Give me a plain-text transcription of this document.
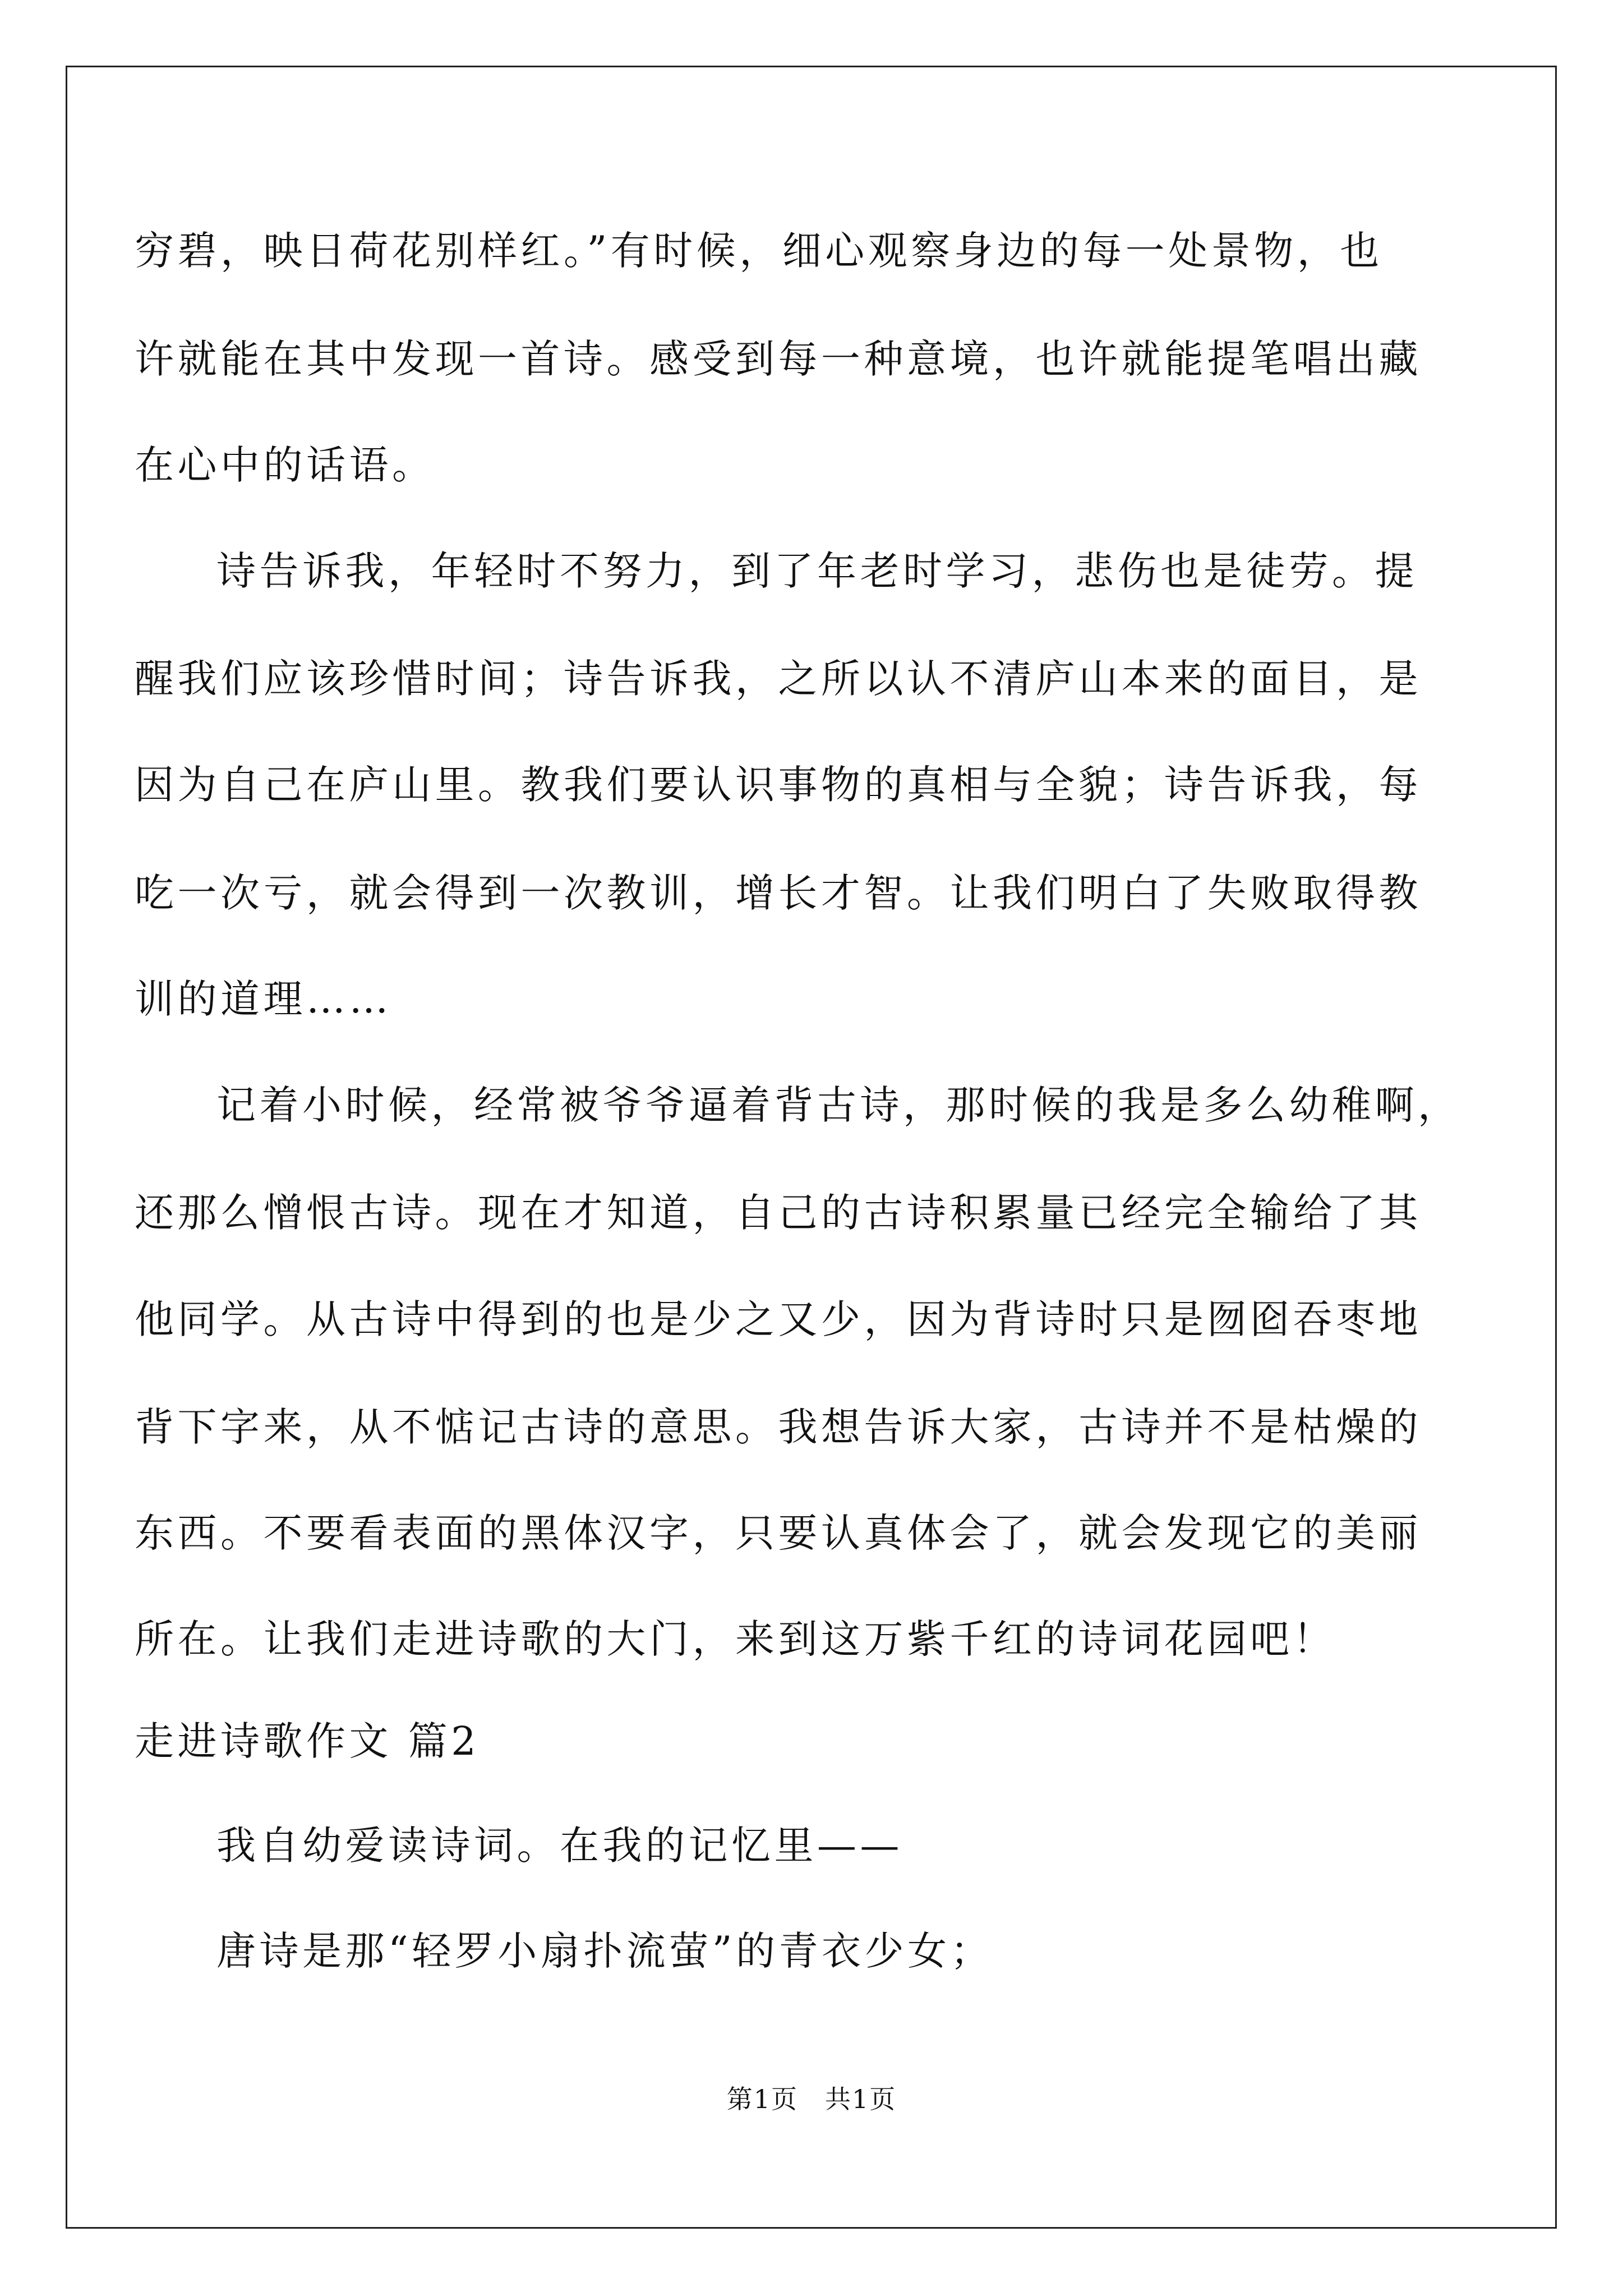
穷碧，映日荷花别样红。”有时候，细心观察身边的每一处景物，也
许就能在其中发现一首诗。感受到每一种意境，也许就能提笔唱出藏
在心中的话语。
诗告诉我，年轻时不努力，到了年老时学习，悲伤也是徒劳。提
醒我们应该珍惜时间；诗告诉我，之所以认不清庐山本来的面目，是
因为自己在庐山里。教我们要认识事物的真相与全貌；诗告诉我，每
吃一次亏，就会得到一次教训，增长才智。让我们明白了失败取得教
训的道理……
记着小时候，经常被爷爷逼着背古诗，那时候的我是多么幼稚啊，
还那么憎恨古诗。现在才知道，自己的古诗积累量已经完全输给了其
他同学。从古诗中得到的也是少之又少，因为背诗时只是囫囵吞枣地
背下字来，从不惦记古诗的意思。我想告诉大家，古诗并不是枯燥的
东西。不要看表面的黑体汉字，只要认真体会了，就会发现它的美丽
所在。让我们走进诗歌的大门，来到这万紫千红的诗词花园吧！
走进诗歌作文 篇2
我自幼爱读诗词。在我的记忆里——
唐诗是那“轻罗小扇扑流萤”的青衣少女；
第1页　共1页
